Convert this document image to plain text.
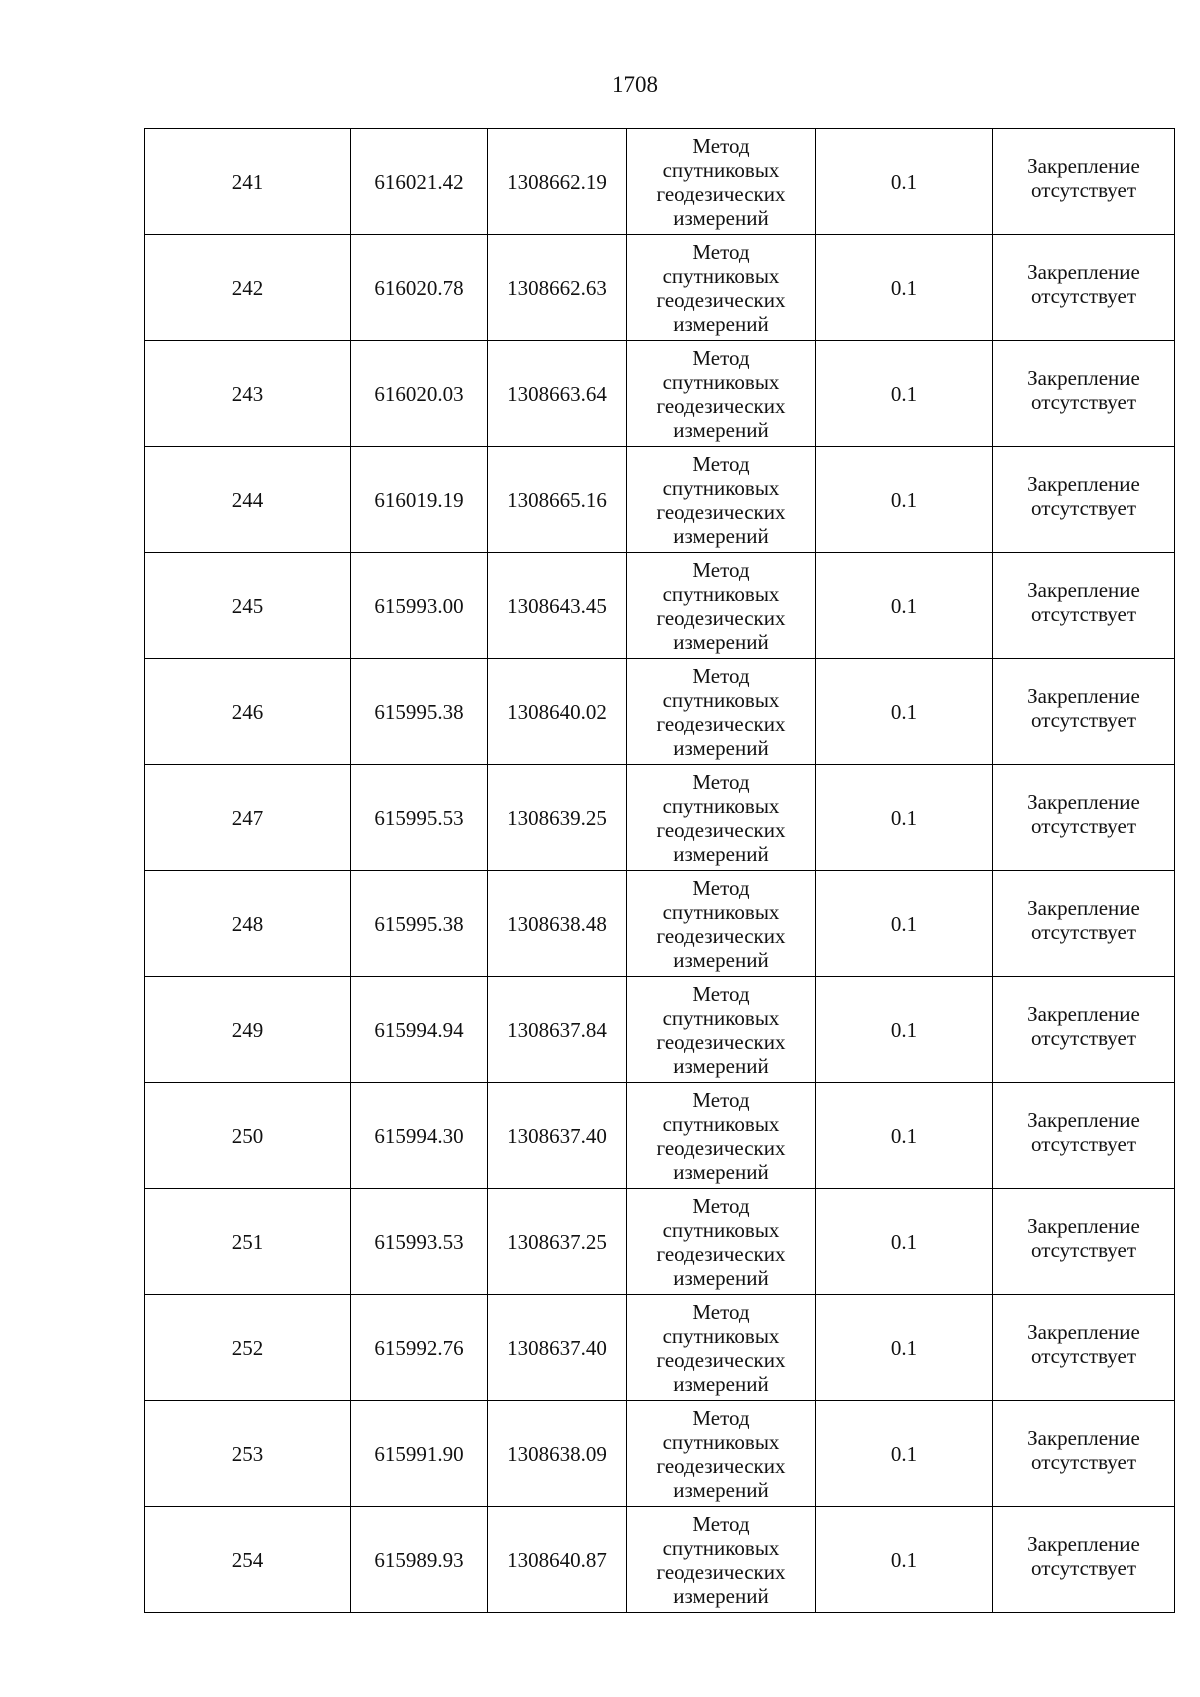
1708
241	616021.42	1308662.19	Метод
спутниковых
геодезических
измерений	0.1	Закрепление
отсутствует

242	616020.78	1308662.63	Метод
спутниковых
геодезических
измерений	0.1	Закрепление
отсутствует

243	616020.03	1308663.64	Метод
спутниковых
геодезических
измерений	0.1	Закрепление
отсутствует

244	616019.19	1308665.16	Метод
спутниковых
геодезических
измерений	0.1	Закрепление
отсутствует

245	615993.00	1308643.45	Метод
спутниковых
геодезических
измерений	0.1	Закрепление
отсутствует

246	615995.38	1308640.02	Метод
спутниковых
геодезических
измерений	0.1	Закрепление
отсутствует

247	615995.53	1308639.25	Метод
спутниковых
геодезических
измерений	0.1	Закрепление
отсутствует

248	615995.38	1308638.48	Метод
спутниковых
геодезических
измерений	0.1	Закрепление
отсутствует

249	615994.94	1308637.84	Метод
спутниковых
геодезических
измерений	0.1	Закрепление
отсутствует

250	615994.30	1308637.40	Метод
спутниковых
геодезических
измерений	0.1	Закрепление
отсутствует

251	615993.53	1308637.25	Метод
спутниковых
геодезических
измерений	0.1	Закрепление
отсутствует

252	615992.76	1308637.40	Метод
спутниковых
геодезических
измерений	0.1	Закрепление
отсутствует

253	615991.90	1308638.09	Метод
спутниковых
геодезических
измерений	0.1	Закрепление
отсутствует

254	615989.93	1308640.87	Метод
спутниковых
геодезических
измерений	0.1	Закрепление
отсутствует
